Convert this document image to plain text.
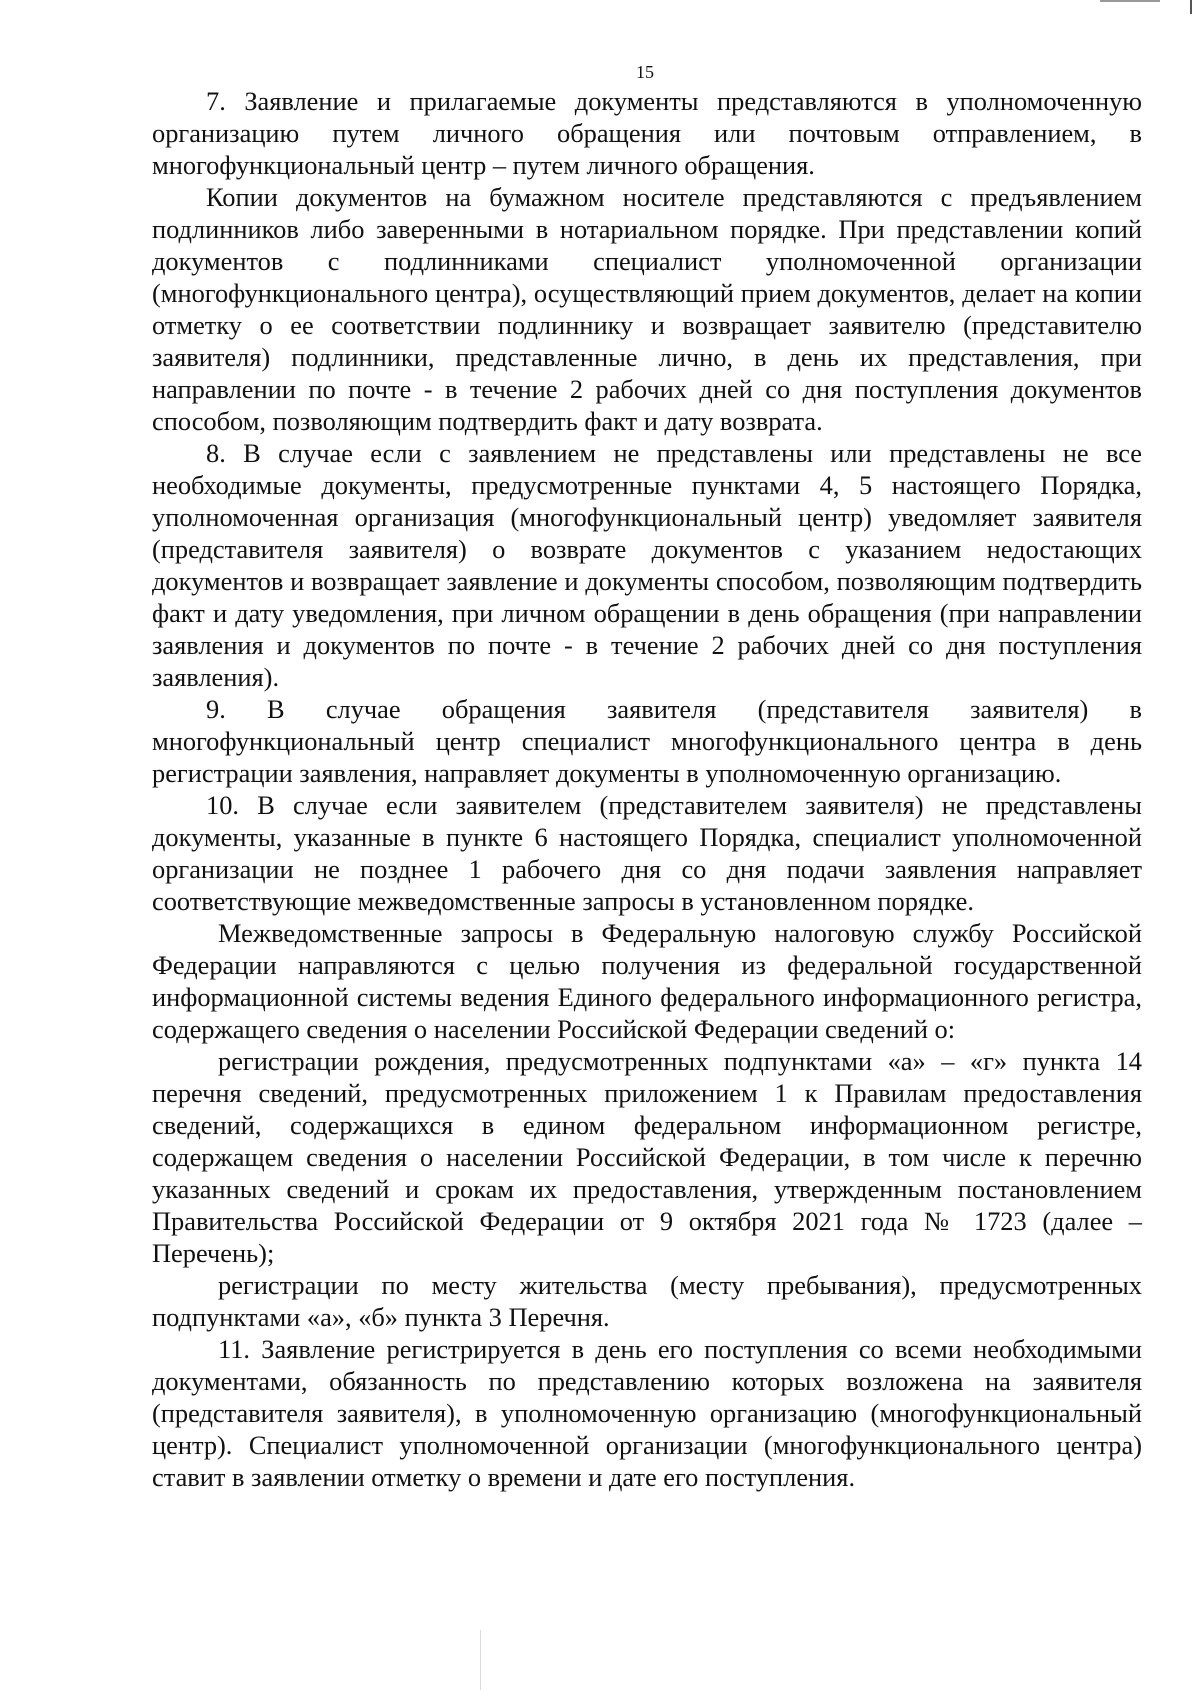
15

7. Заявление и прилагаемые документы представляются в уполномоченную организацию путем личного обращения или почтовым отправлением, в многофункциональный центр – путем личного обращения.

Копии документов на бумажном носителе представляются с предъявлением подлинников либо заверенными в нотариальном порядке. При представлении копий документов с подлинниками специалист уполномоченной организации (многофункционального центра), осуществляющий прием документов, делает на копии отметку о ее соответствии подлиннику и возвращает заявителю (представителю заявителя) подлинники, представленные лично, в день их представления, при направлении по почте - в течение 2 рабочих дней со дня поступления документов способом, позволяющим подтвердить факт и дату возврата.

8. В случае если с заявлением не представлены или представлены не все необходимые документы, предусмотренные пунктами 4, 5 настоящего Порядка, уполномоченная организация (многофункциональный центр) уведомляет заявителя (представителя заявителя) о возврате документов с указанием недостающих документов и возвращает заявление и документы способом, позволяющим подтвердить факт и дату уведомления, при личном обращении в день обращения (при направлении заявления и документов по почте - в течение 2 рабочих дней со дня поступления заявления).

9. В случае обращения заявителя (представителя заявителя) в многофункциональный центр специалист многофункционального центра в день регистрации заявления, направляет документы в уполномоченную организацию.

10. В случае если заявителем (представителем заявителя) не представлены документы, указанные в пункте 6 настоящего Порядка, специалист уполномоченной организации не позднее 1 рабочего дня со дня подачи заявления направляет соответствующие межведомственные запросы в установленном порядке.

Межведомственные запросы в Федеральную налоговую службу Российской Федерации направляются с целью получения из федеральной государственной информационной системы ведения Единого федерального информационного регистра, содержащего сведения о населении Российской Федерации сведений о:

регистрации рождения, предусмотренных подпунктами «а» – «г» пункта 14 перечня сведений, предусмотренных приложением 1 к Правилам предоставления сведений, содержащихся в едином федеральном информационном регистре, содержащем сведения о населении Российской Федерации, в том числе к перечню указанных сведений и срокам их предоставления, утвержденным постановлением Правительства Российской Федерации от 9 октября 2021 года № 1723 (далее – Перечень);

регистрации по месту жительства (месту пребывания), предусмотренных подпунктами «а», «б» пункта 3 Перечня.

11. Заявление регистрируется в день его поступления со всеми необходимыми документами, обязанность по представлению которых возложена на заявителя (представителя заявителя), в уполномоченную организацию (многофункциональный центр). Специалист уполномоченной организации (многофункционального центра) ставит в заявлении отметку о времени и дате его поступления.
